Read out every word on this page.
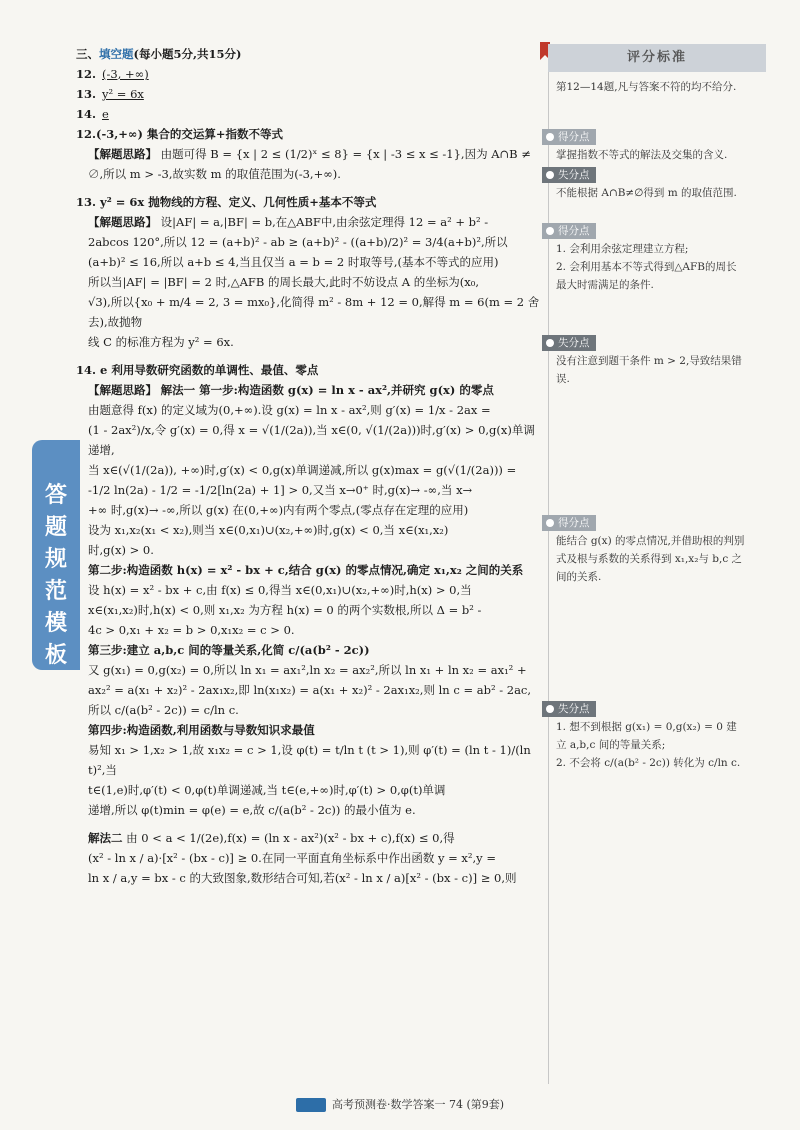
答题规范模板

三、填空题(每小题5分,共15分)

12. (-3, +∞)

13. y² = 6x

14. e

12.(-3,+∞) 集合的交运算+指数不等式

【解题思路】 由题可得 B = {x | 2 ≤ (1/2)ˣ ≤ 8} = {x | -3 ≤ x ≤ -1},因为 A∩B ≠

∅,所以 m > -3,故实数 m 的取值范围为(-3,+∞).

13. y² = 6x 抛物线的方程、定义、几何性质+基本不等式

【解题思路】 设|AF| = a,|BF| = b,在△ABF中,由余弦定理得 12 = a² + b² -

2abcos 120°,所以 12 = (a+b)² - ab ≥ (a+b)² - ((a+b)/2)² = 3/4(a+b)²,所以

(a+b)² ≤ 16,所以 a+b ≤ 4,当且仅当 a = b = 2 时取等号,(基本不等式的应用)

所以当|AF| = |BF| = 2 时,△AFB 的周长最大,此时不妨设点 A 的坐标为(x₀,

√3),所以{x₀ + m/4 = 2, 3 = mx₀},化简得 m² - 8m + 12 = 0,解得 m = 6(m = 2 舍去),故抛物

线 C 的标准方程为 y² = 6x.

14. e 利用导数研究函数的单调性、最值、零点

【解题思路】 解法一 第一步:构造函数 g(x) = ln x - ax²,并研究 g(x) 的零点

由题意得 f(x) 的定义域为(0,+∞).设 g(x) = ln x - ax²,则 g′(x) = 1/x - 2ax =

(1 - 2ax²)/x,令 g′(x) = 0,得 x = √(1/(2a)),当 x∈(0, √(1/(2a)))时,g′(x) > 0,g(x)单调递增,

当 x∈(√(1/(2a)), +∞)时,g′(x) < 0,g(x)单调递减,所以 g(x)max = g(√(1/(2a))) =

-1/2 ln(2a) - 1/2 = -1/2[ln(2a) + 1] > 0,又当 x→0⁺ 时,g(x)→ -∞,当 x→

+∞ 时,g(x)→ -∞,所以 g(x) 在(0,+∞)内有两个零点,(零点存在定理的应用)

设为 x₁,x₂(x₁ < x₂),则当 x∈(0,x₁)∪(x₂,+∞)时,g(x) < 0,当 x∈(x₁,x₂)

时,g(x) > 0.

第二步:构造函数 h(x) = x² - bx + c,结合 g(x) 的零点情况,确定 x₁,x₂ 之间的关系

设 h(x) = x² - bx + c,由 f(x) ≤ 0,得当 x∈(0,x₁)∪(x₂,+∞)时,h(x) > 0,当

x∈(x₁,x₂)时,h(x) < 0,则 x₁,x₂ 为方程 h(x) = 0 的两个实数根,所以 Δ = b² -

4c > 0,x₁ + x₂ = b > 0,x₁x₂ = c > 0.

第三步:建立 a,b,c 间的等量关系,化简 c/(a(b² - 2c))

又 g(x₁) = 0,g(x₂) = 0,所以 ln x₁ = ax₁²,ln x₂ = ax₂²,所以 ln x₁ + ln x₂ = ax₁² +

ax₂² = a(x₁ + x₂)² - 2ax₁x₂,即 ln(x₁x₂) = a(x₁ + x₂)² - 2ax₁x₂,则 ln c = ab² - 2ac,

所以 c/(a(b² - 2c)) = c/ln c.

第四步:构造函数,利用函数与导数知识求最值

易知 x₁ > 1,x₂ > 1,故 x₁x₂ = c > 1,设 φ(t) = t/ln t (t > 1),则 φ′(t) = (ln t - 1)/(ln t)²,当

t∈(1,e)时,φ′(t) < 0,φ(t)单调递减,当 t∈(e,+∞)时,φ′(t) > 0,φ(t)单调

递增,所以 φ(t)min = φ(e) = e,故 c/(a(b² - 2c)) 的最小值为 e.

解法二 由 0 < a < 1/(2e),f(x) = (ln x - ax²)(x² - bx + c),f(x) ≤ 0,得

(x² - ln x / a)·[x² - (bx - c)] ≥ 0.在同一平面直角坐标系中作出函数 y = x²,y =

ln x / a,y = bx - c 的大致图象,数形结合可知,若(x² - ln x / a)[x² - (bx - c)] ≥ 0,则

评分标准
第12—14题,凡与答案不符的均不给分.
得分点
掌握指数不等式的解法及交集的含义.
失分点
不能根据 A∩B≠∅得到 m 的取值范围.
得分点
1. 会利用余弦定理建立方程;
2. 会利用基本不等式得到△AFB的周长最大时需满足的条件.
失分点
没有注意到题干条件 m > 2,导致结果错误.
得分点
能结合 g(x) 的零点情况,并借助根的判别式及根与系数的关系得到 x₁,x₂与 b,c 之间的关系.
失分点
1. 想不到根据 g(x₁) = 0,g(x₂) = 0 建立 a,b,c 间的等量关系;
2. 不会将 c/(a(b² - 2c)) 转化为 c/ln c.
高考预测卷·数学答案一 74 (第9套)
